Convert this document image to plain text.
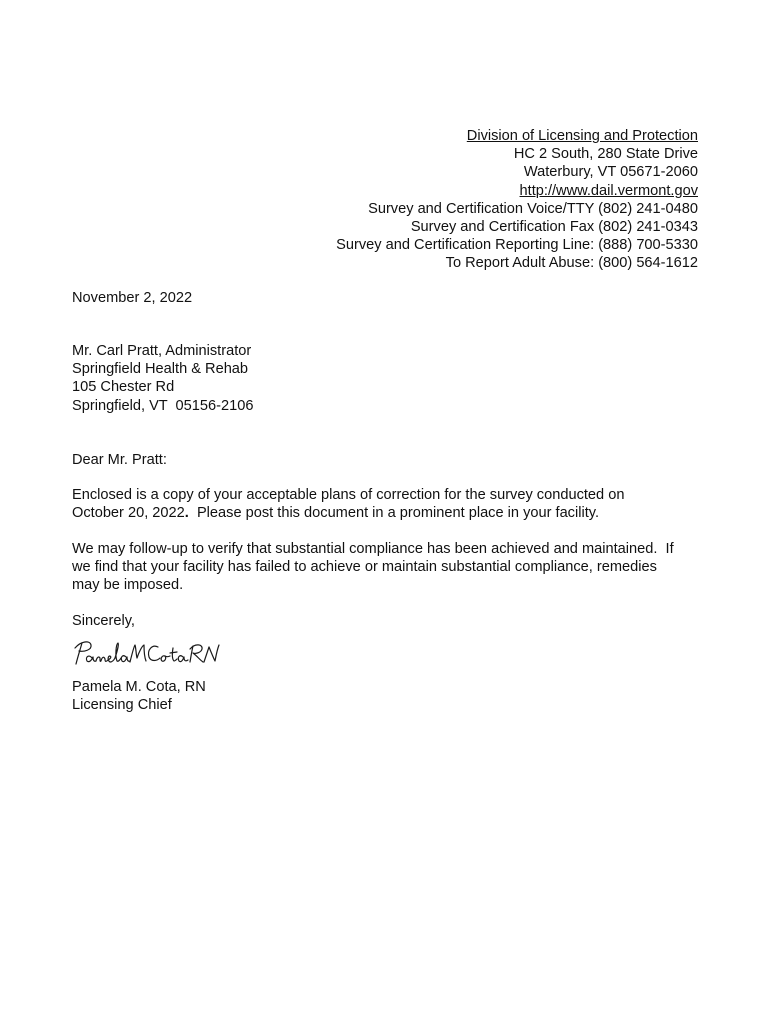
Division of Licensing and Protection
HC 2 South, 280 State Drive
Waterbury, VT 05671-2060
http://www.dail.vermont.gov
Survey and Certification Voice/TTY (802) 241-0480
Survey and Certification Fax (802) 241-0343
Survey and Certification Reporting Line: (888) 700-5330
To Report Adult Abuse: (800) 564-1612
November 2, 2022
Mr. Carl Pratt, Administrator
Springfield Health & Rehab
105 Chester Rd
Springfield, VT  05156-2106
Dear Mr. Pratt:
Enclosed is a copy of your acceptable plans of correction for the survey conducted on
October 20, 2022.  Please post this document in a prominent place in your facility.
We may follow-up to verify that substantial compliance has been achieved and maintained.  If
we find that your facility has failed to achieve or maintain substantial compliance, remedies
may be imposed.
Sincerely,
Pamela M. Cota, RN
Licensing Chief
